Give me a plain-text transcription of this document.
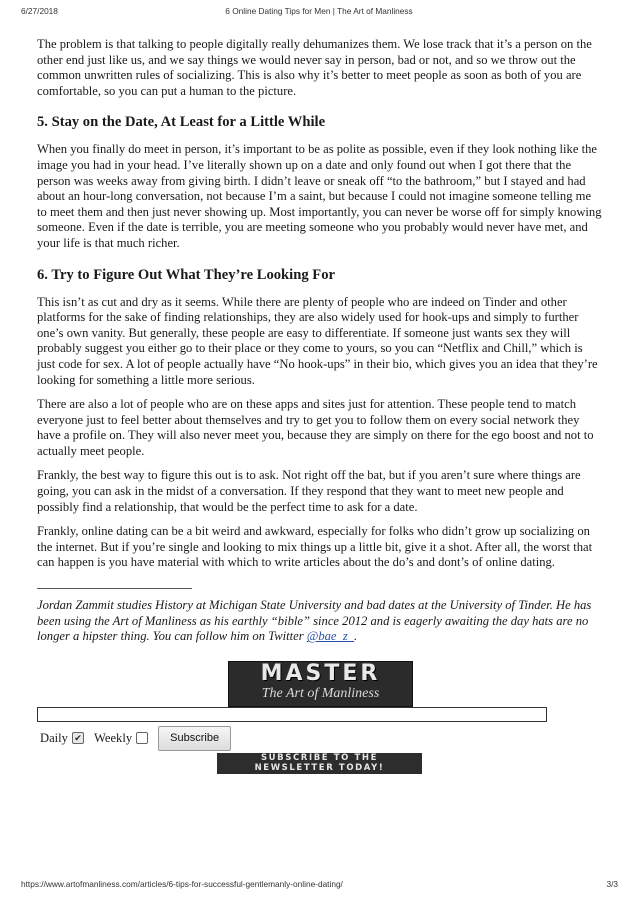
6/27/2018	6 Online Dating Tips for Men | The Art of Manliness

The problem is that talking to people digitally really dehumanizes them. We lose track that it’s a person on the other end just like us, and we say things we would never say in person, bad or not, and so we throw out the common unwritten rules of socializing. This is also why it’s better to meet people as soon as both of you are comfortable, so you can put a human to the picture.

5. Stay on the Date, At Least for a Little While

When you finally do meet in person, it’s important to be as polite as possible, even if they look nothing like the image you had in your head. I’ve literally shown up on a date and only found out when I got there that the person was weeks away from giving birth. I didn’t leave or sneak off “to the bathroom,” but I stayed and had about an hour-long conversation, not because I’m a saint, but because I could not imagine someone telling me to meet them and then just never showing up. Most importantly, you can never be worse off for simply knowing someone. Even if the date is terrible, you are meeting someone who you probably would never have met, and your life is that much richer.

6. Try to Figure Out What They’re Looking For

This isn’t as cut and dry as it seems. While there are plenty of people who are indeed on Tinder and other platforms for the sake of finding relationships, they are also widely used for hook-ups and simply to further one’s own vanity. But generally, these people are easy to differentiate. If someone just wants sex they will probably suggest you either go to their place or they come to yours, so you can “Netflix and Chill,” which is just code for sex. A lot of people actually have “No hook-ups” in their bio, which gives you an idea that they’re looking for something a little more serious.

There are also a lot of people who are on these apps and sites just for attention. These people tend to match everyone just to feel better about themselves and try to get you to follow them on every social network they have a profile on. They will also never meet you, because they are simply on there for the ego boost and not to actually meet people.

Frankly, the best way to figure this out is to ask. Not right off the bat, but if you aren’t sure where things are going, you can ask in the midst of a conversation. If they respond that they want to meet new people and possibly find a relationship, that would be the perfect time to ask for a date.

Frankly, online dating can be a bit weird and awkward, especially for folks who didn’t grow up socializing on the internet. But if you’re single and looking to mix things up a little bit, give it a shot. After all, the worst that can happen is you have material with which to write articles about the do’s and dont’s of online dating.

Jordan Zammit studies History at Michigan State University and bad dates at the University of Tinder. He has been using the Art of Manliness as his earthly “bible” since 2012 and is eagerly awaiting the day hats are no longer a hipster thing. You can follow him on Twitter @bae_z_.

MASTER
The Art of Manliness
Daily ✔ Weekly	Subscribe
SUBSCRIBE TO THE
NEWSLETTER TODAY!
https://www.artofmanliness.com/articles/6-tips-for-successful-gentlemanly-online-dating/	3/3
